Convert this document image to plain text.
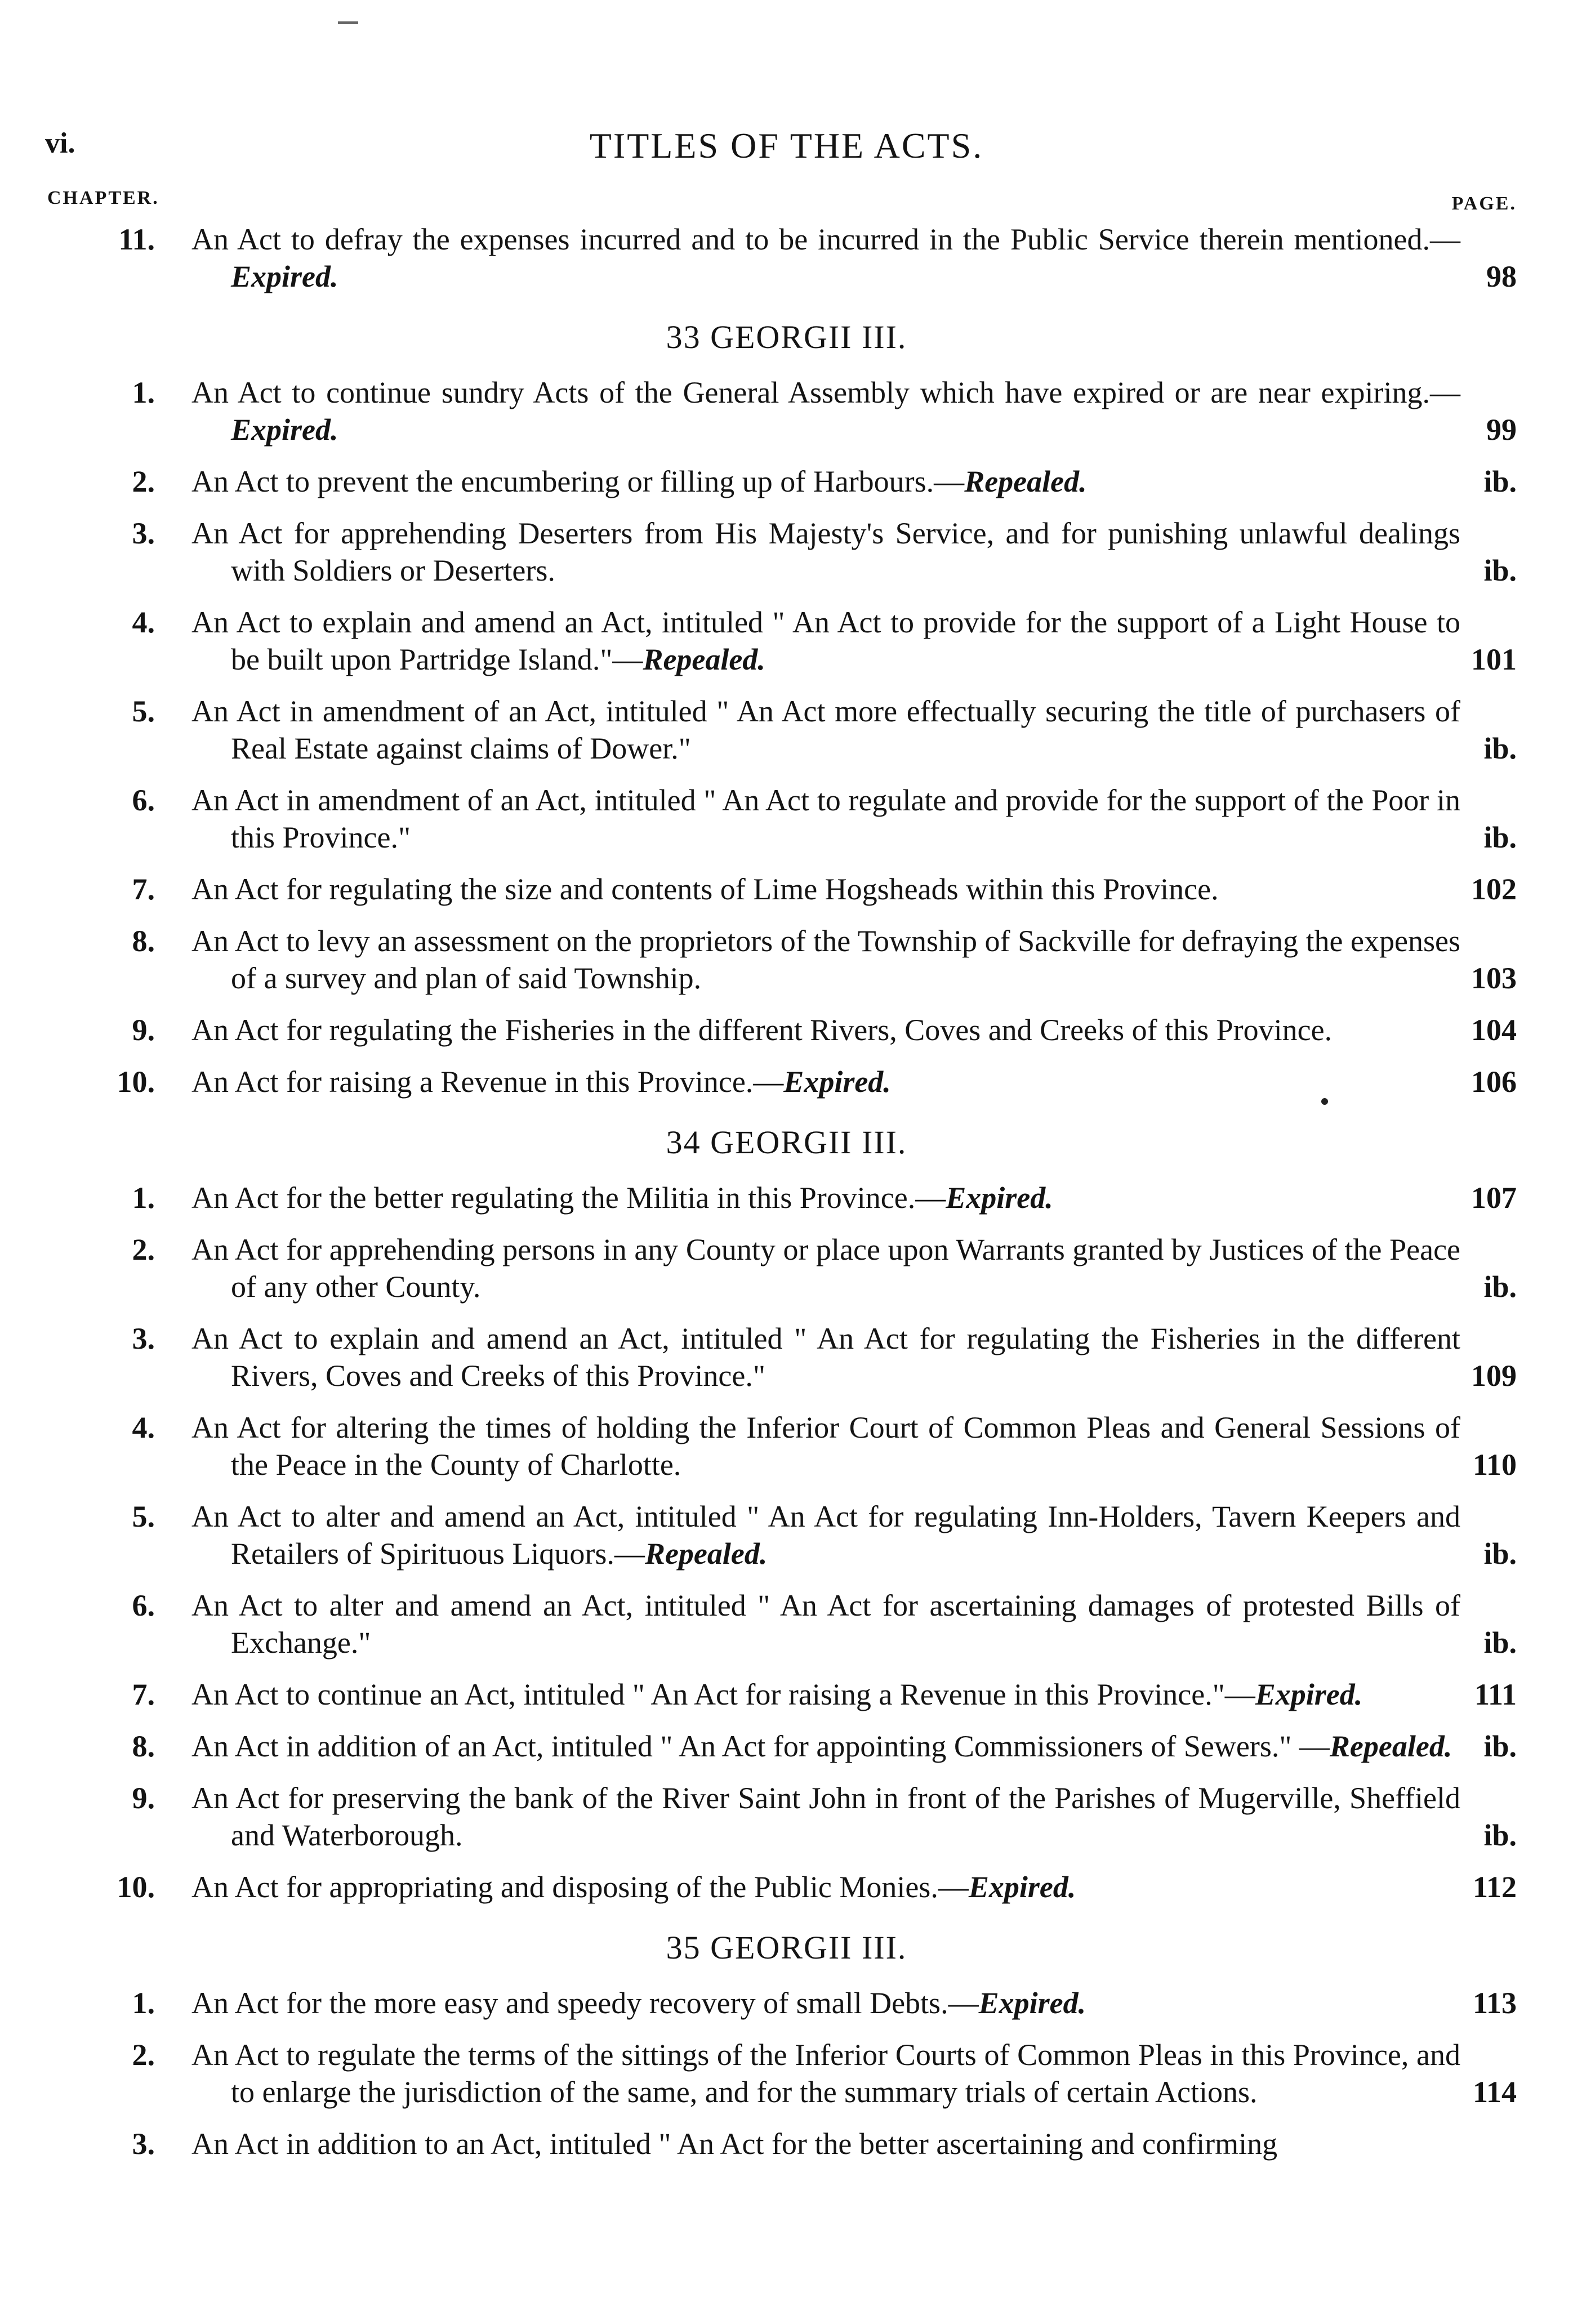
vi.	TITLES OF THE ACTS.
CHAPTER.	PAGE.
11. An Act to defray the expenses incurred and to be incurred in the Public Service therein mentioned.—Expired.	98
33 GEORGII III.
1. An Act to continue sundry Acts of the General Assembly which have expired or are near expiring.—Expired.	99
2. An Act to prevent the encumbering or filling up of Harbours.—Repealed.	ib.
3. An Act for apprehending Deserters from His Majesty's Service, and for punishing unlawful dealings with Soldiers or Deserters.	ib.
4. An Act to explain and amend an Act, intituled " An Act to provide for the support of a Light House to be built upon Partridge Island."—Repealed.	101
5. An Act in amendment of an Act, intituled " An Act more effectually securing the title of purchasers of Real Estate against claims of Dower."	ib.
6. An Act in amendment of an Act, intituled " An Act to regulate and provide for the support of the Poor in this Province."	ib.
7. An Act for regulating the size and contents of Lime Hogsheads within this Province.	102
8. An Act to levy an assessment on the proprietors of the Township of Sackville for defraying the expenses of a survey and plan of said Township.	103
9. An Act for regulating the Fisheries in the different Rivers, Coves and Creeks of this Province.	104
10. An Act for raising a Revenue in this Province.—Expired.	106
34 GEORGII III.
1. An Act for the better regulating the Militia in this Province.—Expired.	107
2. An Act for apprehending persons in any County or place upon Warrants granted by Justices of the Peace of any other County.	ib.
3. An Act to explain and amend an Act, intituled " An Act for regulating the Fisheries in the different Rivers, Coves and Creeks of this Province."	109
4. An Act for altering the times of holding the Inferior Court of Common Pleas and General Sessions of the Peace in the County of Charlotte.	110
5. An Act to alter and amend an Act, intituled " An Act for regulating Inn-Holders, Tavern Keepers and Retailers of Spirituous Liquors.—Repealed.	ib.
6. An Act to alter and amend an Act, intituled " An Act for ascertaining damages of protested Bills of Exchange."	ib.
7. An Act to continue an Act, intituled " An Act for raising a Revenue in this Province."—Expired.	111
8. An Act in addition of an Act, intituled " An Act for appointing Commissioners of Sewers." —Repealed. ib.
9. An Act for preserving the bank of the River Saint John in front of the Parishes of Mugerville, Sheffield and Waterborough.	ib.
10. An Act for appropriating and disposing of the Public Monies.—Expired.	112
35 GEORGII III.
1. An Act for the more easy and speedy recovery of small Debts.—Expired.	113
2. An Act to regulate the terms of the sittings of the Inferior Courts of Common Pleas in this Province, and to enlarge the jurisdiction of the same, and for the summary trials of certain Actions.	114
3. An Act in addition to an Act, intituled " An Act for the better ascertaining and confirming
